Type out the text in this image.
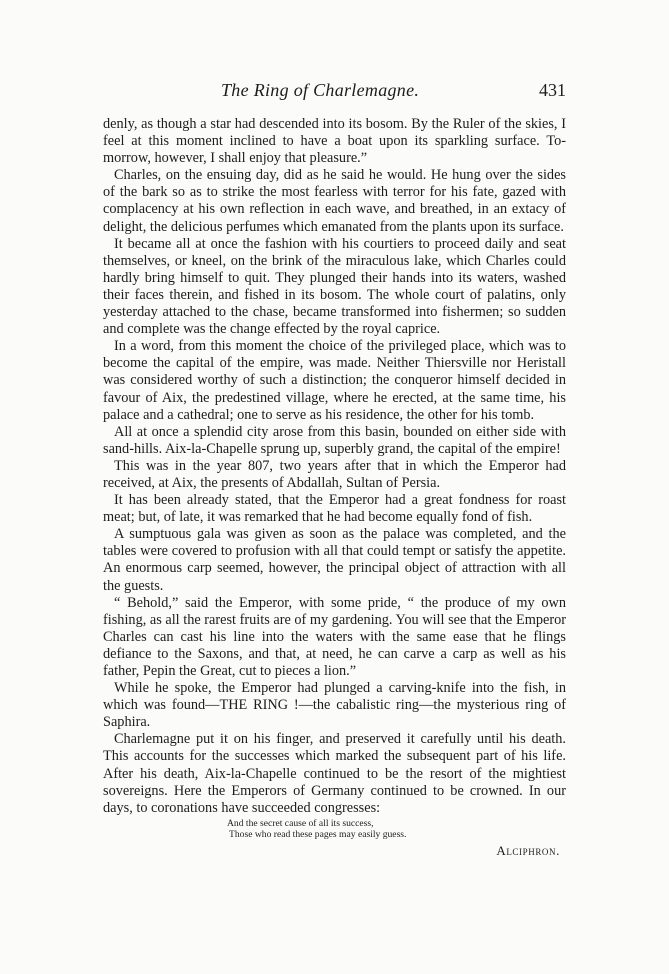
The Ring of Charlemagne.	431

denly, as though a star had descended into its bosom. By the Ruler of the skies, I feel at this moment inclined to have a boat upon its sparkling surface. To-morrow, however, I shall enjoy that pleasure.”

Charles, on the ensuing day, did as he said he would. He hung over the sides of the bark so as to strike the most fearless with terror for his fate, gazed with complacency at his own reflection in each wave, and breathed, in an extacy of delight, the delicious perfumes which emanated from the plants upon its surface.

It became all at once the fashion with his courtiers to proceed daily and seat themselves, or kneel, on the brink of the miraculous lake, which Charles could hardly bring himself to quit. They plunged their hands into its waters, washed their faces therein, and fished in its bosom. The whole court of palatins, only yesterday attached to the chase, became transformed into fishermen; so sudden and complete was the change effected by the royal caprice.

In a word, from this moment the choice of the privileged place, which was to become the capital of the empire, was made. Neither Thiersville nor Heristall was considered worthy of such a distinction; the conqueror himself decided in favour of Aix, the predestined village, where he erected, at the same time, his palace and a cathedral; one to serve as his residence, the other for his tomb.

All at once a splendid city arose from this basin, bounded on either side with sand-hills. Aix-la-Chapelle sprung up, superbly grand, the capital of the empire!

This was in the year 807, two years after that in which the Emperor had received, at Aix, the presents of Abdallah, Sultan of Persia.

It has been already stated, that the Emperor had a great fondness for roast meat; but, of late, it was remarked that he had become equally fond of fish.

A sumptuous gala was given as soon as the palace was completed, and the tables were covered to profusion with all that could tempt or satisfy the appetite. An enormous carp seemed, however, the principal object of attraction with all the guests.

“ Behold,” said the Emperor, with some pride, “ the produce of my own fishing, as all the rarest fruits are of my gardening. You will see that the Emperor Charles can cast his line into the waters with the same ease that he flings defiance to the Saxons, and that, at need, he can carve a carp as well as his father, Pepin the Great, cut to pieces a lion.”

While he spoke, the Emperor had plunged a carving-knife into the fish, in which was found—THE RING !—the cabalistic ring—the mysterious ring of Saphira.

Charlemagne put it on his finger, and preserved it carefully until his death. This accounts for the successes which marked the subsequent part of his life. After his death, Aix-la-Chapelle continued to be the resort of the mightiest sovereigns. Here the Emperors of Germany continued to be crowned. In our days, to coronations have succeeded congresses:

And the secret cause of all its success,
Those who read these pages may easily guess.
Alciphron.
